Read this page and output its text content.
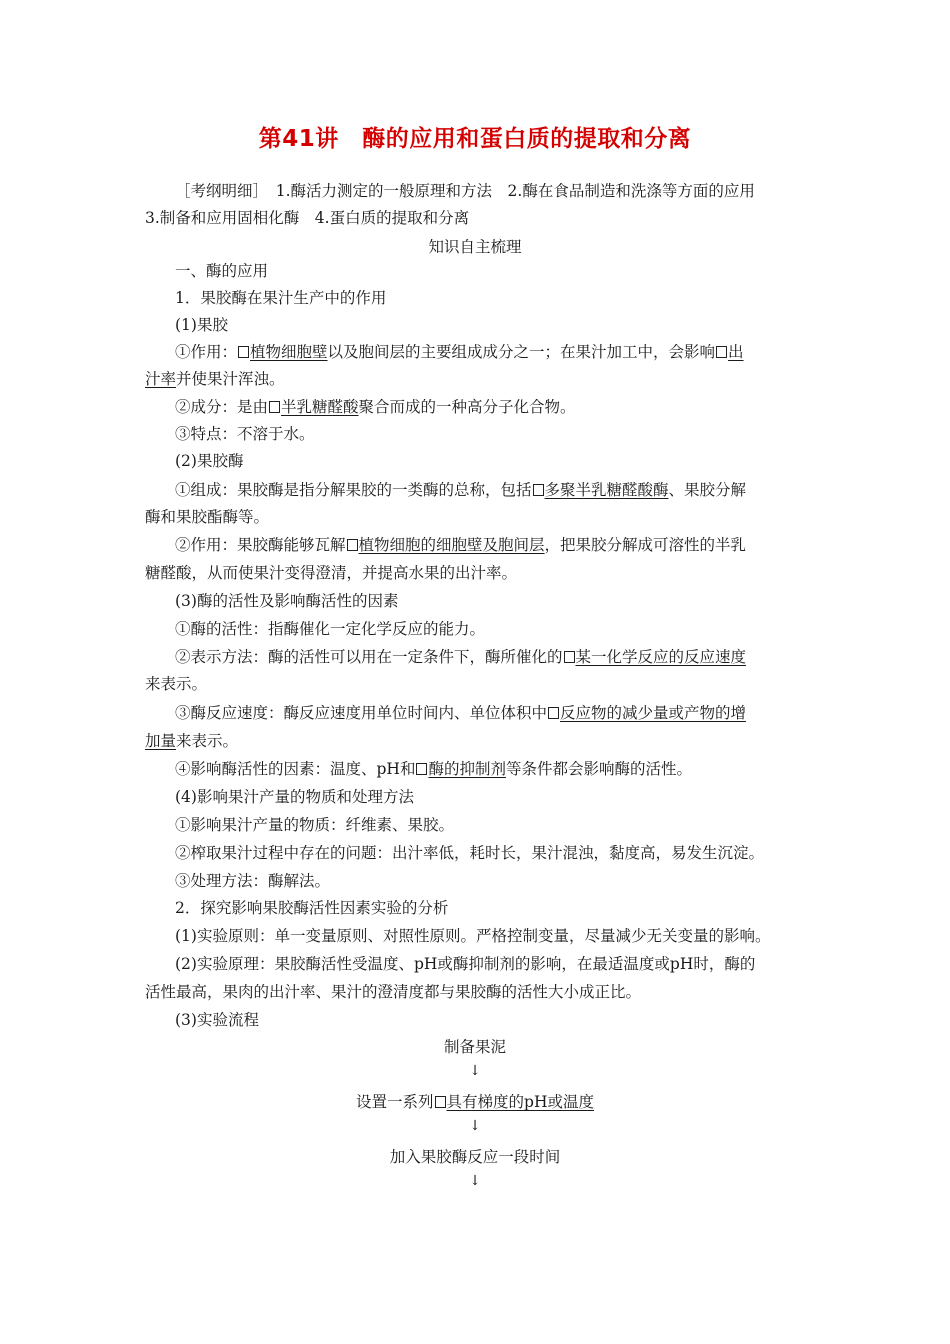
第41讲　酶的应用和蛋白质的提取和分离
［考纲明细］　1.酶活力测定的一般原理和方法　2.酶在食品制造和洗涤等方面的应用
3.制备和应用固相化酶　4.蛋白质的提取和分离
知识自主梳理
一、酶的应用
1．果胶酶在果汁生产中的作用
(1)果胶
①作用： 植物细胞壁以及胞间层的主要组成成分之一；在果汁加工中，会影响 出
汁率并使果汁浑浊。
②成分：是由 半乳糖醛酸聚合而成的一种高分子化合物。
③特点：不溶于水。
(2)果胶酶
①组成：果胶酶是指分解果胶的一类酶的总称，包括 多聚半乳糖醛酸酶、果胶分解
酶和果胶酯酶等。
②作用：果胶酶能够瓦解 植物细胞的细胞壁及胞间层，把果胶分解成可溶性的半乳
糖醛酸，从而使果汁变得澄清，并提高水果的出汁率。
(3)酶的活性及影响酶活性的因素
①酶的活性：指酶催化一定化学反应的能力。
②表示方法：酶的活性可以用在一定条件下，酶所催化的 某一化学反应的反应速度
来表示。
③酶反应速度：酶反应速度用单位时间内、单位体积中 反应物的减少量或产物的增
加量来表示。
④影响酶活性的因素：温度、pH和 酶的抑制剂等条件都会影响酶的活性。
(4)影响果汁产量的物质和处理方法
①影响果汁产量的物质：纤维素、果胶。
②榨取果汁过程中存在的问题：出汁率低，耗时长，果汁混浊，黏度高，易发生沉淀。
③处理方法：酶解法。
2．探究影响果胶酶活性因素实验的分析
(1)实验原则：单一变量原则、对照性原则。严格控制变量，尽量减少无关变量的影响。
(2)实验原理：果胶酶活性受温度、pH或酶抑制剂的影响，在最适温度或pH时，酶的
活性最高，果肉的出汁率、果汁的澄清度都与果胶酶的活性大小成正比。
(3)实验流程
制备果泥
↓
设置一系列 具有梯度的pH或温度
↓
加入果胶酶反应一段时间
↓
